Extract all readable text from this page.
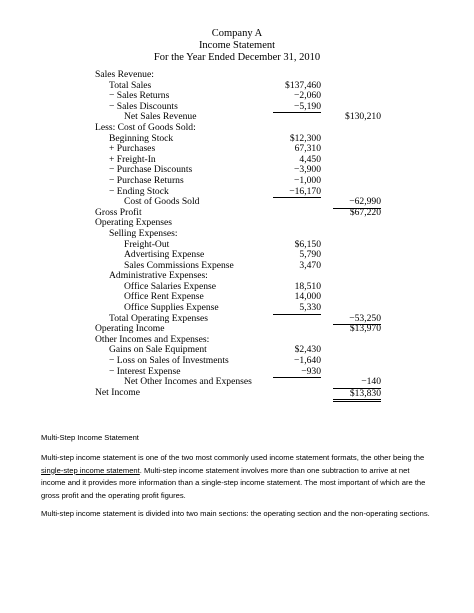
Company A
Income Statement
For the Year Ended December 31, 2010
Sales Revenue:
Total Sales	$137,460
− Sales Returns	−2,060
− Sales Discounts	−5,190
Net Sales Revenue	$130,210
Less: Cost of Goods Sold:
Beginning Stock	$12,300
+ Purchases	67,310
+ Freight-In	4,450
− Purchase Discounts	−3,900
− Purchase Returns	−1,000
− Ending Stock	−16,170
Cost of Goods Sold	−62,990
Gross Profit	$67,220
Operating Expenses
Selling Expenses:
Freight-Out	$6,150
Advertising Expense	5,790
Sales Commissions Expense	3,470
Administrative Expenses:
Office Salaries Expense	18,510
Office Rent Expense	14,000
Office Supplies Expense	5,330
Total Operating Expenses	−53,250
Operating Income	$13,970
Other Incomes and Expenses:
Gains on Sale Equipment	$2,430
− Loss on Sales of Investments	−1,640
− Interest Expense	−930
Net Other Incomes and Expenses	−140
Net Income	$13,830
Multi-Step Income Statement

Multi-step income statement is one of the two most commonly used income statement formats, the other being the single-step income statement. Multi-step income statement involves more than one subtraction to arrive at net income and it provides more information than a single-step income statement. The most important of which are the gross profit and the operating profit figures.

Multi-step income statement is divided into two main sections: the operating section and the non-operating sections.
